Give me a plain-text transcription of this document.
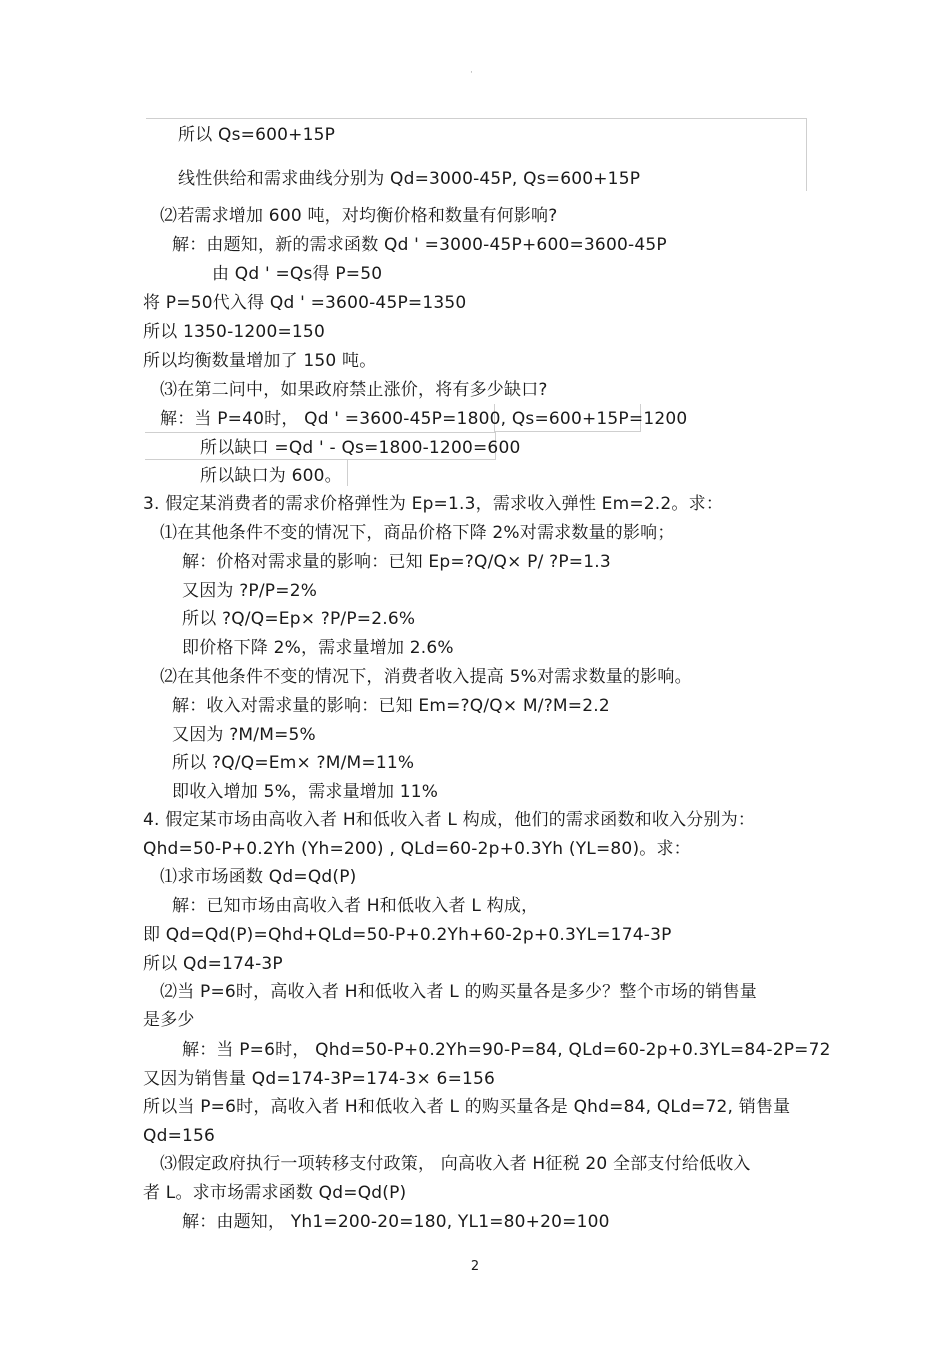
·
所以 Qs=600+15P
线性供给和需求曲线分别为 Qd=3000-45P, Qs=600+15P
⑵若需求增加 600 吨，对均衡价格和数量有何影响?
解：由题知，新的需求函数 Qd ' =3000-45P+600=3600-45P
由 Qd ' =Qs得 P=50
将 P=50代入得 Qd ' =3600-45P=1350
所以 1350-1200=150
所以均衡数量增加了 150 吨。
⑶在第二问中，如果政府禁止涨价，将有多少缺口?
解：当 P=40时， Qd ' =3600-45P=1800, Qs=600+15P=1200
所以缺口 =Qd ' - Qs=1800-1200=600
所以缺口为 600。
3. 假定某消费者的需求价格弹性为 Ep=1.3，需求收入弹性 Em=2.2。求：
⑴在其他条件不变的情况下，商品价格下降 2%对需求数量的影响；
解：价格对需求量的影响：已知 Ep=?Q/Q× P/ ?P=1.3
又因为 ?P/P=2%
所以 ?Q/Q=Ep× ?P/P=2.6%
即价格下降 2%，需求量增加 2.6%
⑵在其他条件不变的情况下，消费者收入提高 5%对需求数量的影响。
解：收入对需求量的影响：已知 Em=?Q/Q× M/?M=2.2
又因为 ?M/M=5%
所以 ?Q/Q=Em× ?M/M=11%
即收入增加 5%，需求量增加 11%
4. 假定某市场由高收入者 H和低收入者 L 构成，他们的需求函数和收入分别为：
Qhd=50-P+0.2Yh (Yh=200) , QLd=60-2p+0.3Yh (YL=80)。求：
⑴求市场函数 Qd=Qd(P)
解：已知市场由高收入者 H和低收入者 L 构成，
即 Qd=Qd(P)=Qhd+QLd=50-P+0.2Yh+60-2p+0.3YL=174-3P
所以 Qd=174-3P
⑵当 P=6时，高收入者 H和低收入者 L 的购买量各是多少？整个市场的销售量
是多少
解：当 P=6时， Qhd=50-P+0.2Yh=90-P=84, QLd=60-2p+0.3YL=84-2P=72
又因为销售量 Qd=174-3P=174-3× 6=156
所以当 P=6时，高收入者 H和低收入者 L 的购买量各是 Qhd=84, QLd=72, 销售量
Qd=156
⑶假定政府执行一项转移支付政策， 向高收入者 H征税 20 全部支付给低收入
者 L。求市场需求函数 Qd=Qd(P)
解：由题知， Yh1=200-20=180, YL1=80+20=100
2
